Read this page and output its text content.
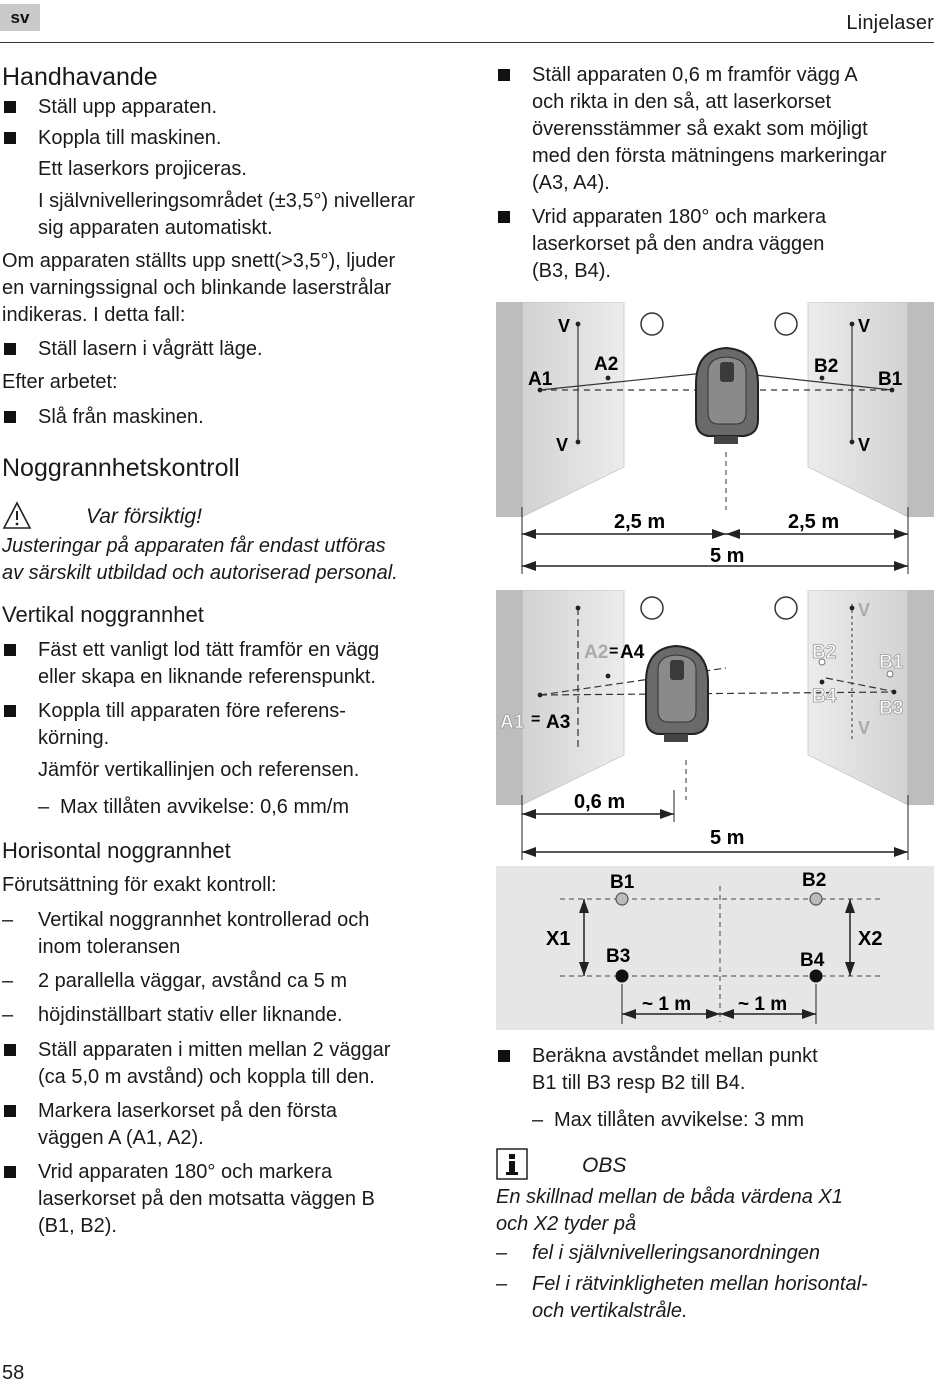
sv	Linjelaser

Handhavande

Ställ upp apparaten.

Koppla till maskinen.

Ett laserkors projiceras.

I självnivelleringsområdet (±3,5°) nivellerar

sig apparaten automatiskt.

Om apparaten ställts upp snett(>3,5°), ljuder

en varningssignal och blinkande laserstrålar

indikeras. I detta fall:

Ställ lasern i vågrätt läge.

Efter arbetet:

Slå från maskinen.

Noggrannhetskontroll

Var försiktig!

Justeringar på apparaten får endast utföras

av särskilt utbildad och autoriserad personal.

Vertikal noggrannhet

Fäst ett vanligt lod tätt framför en vägg

eller skapa en liknande referenspunkt.

Koppla till apparaten före referens-

körning.

Jämför vertikallinjen och referensen.

– Max tillåten avvikelse: 0,6 mm/m

Horisontal noggrannhet

Förutsättning för exakt kontroll:

– Vertikal noggrannhet kontrollerad och

inom toleransen

– 2 parallella väggar, avstånd ca 5 m

– höjdinställbart stativ eller liknande.

Ställ apparaten i mitten mellan 2 väggar

(ca 5,0 m avstånd) och koppla till den.

Markera laserkorset på den första

väggen A (A1, A2).

Vrid apparaten 180° och markera

laserkorset på den motsatta väggen B

(B1, B2).

Ställ apparaten 0,6 m framför vägg A

och rikta in den så, att laserkorset

överensstämmer så exakt som möjligt

med den första mätningens markeringar

(A3, A4).

Vrid apparaten 180° och markera

laserkorset på den andra väggen

(B3, B4).

V
V
V
V
A1
A2	B2
B1
2,5 m	2,5 m
5 m
V
V
A1 = A3
A2 = A4	B2
B4
B1
B3
0,6 m
5 m
B1	B2
B3	B4
X1	X2
~ 1 m ~ 1 m

Beräkna avståndet mellan punkt

B1 till B3 resp B2 till B4.

– Max tillåten avvikelse: 3 mm

OBS

En skillnad mellan de båda värdena X1

och X2 tyder på

– fel i självnivelleringsanordningen

– Fel i rätvinkligheten mellan horisontal-

och vertikalstråle.

58
